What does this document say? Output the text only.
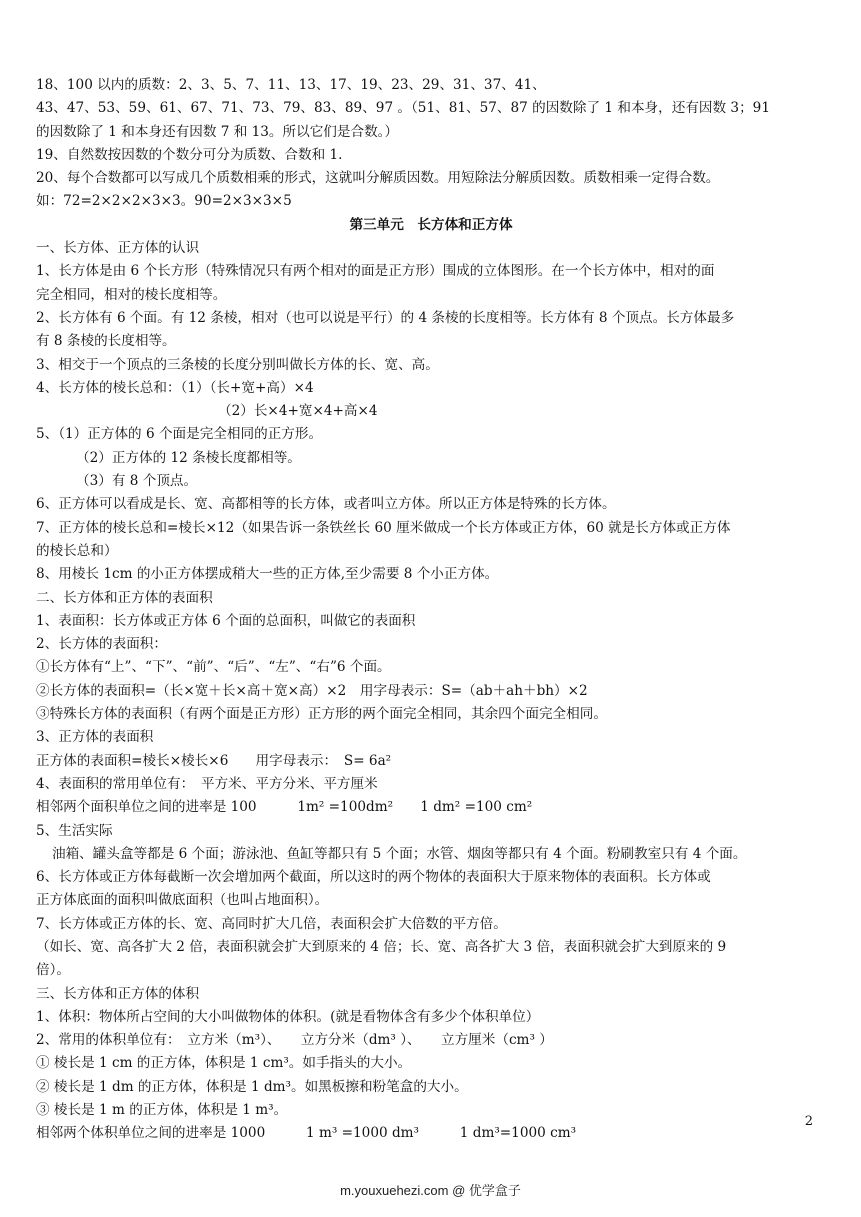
18、100 以内的质数：2、3、5、7、11、13、17、19、23、29、31、37、41、
43、47、53、59、61、67、71、73、79、83、89、97 。（51、81、57、87 的因数除了 1 和本身，还有因数 3；91
的因数除了 1 和本身还有因数 7 和 13。所以它们是合数。）
19、自然数按因数的个数分可分为质数、合数和 1.
20、每个合数都可以写成几个质数相乘的形式，这就叫分解质因数。用短除法分解质因数。质数相乘一定得合数。
如：72=2×2×2×3×3。90=2×3×3×5
第三单元　长方体和正方体
一、长方体、正方体的认识
1、长方体是由 6 个长方形（特殊情况只有两个相对的面是正方形）围成的立体图形。在一个长方体中，相对的面
完全相同，相对的棱长度相等。
2、长方体有 6 个面。有 12 条棱，相对（也可以说是平行）的 4 条棱的长度相等。长方体有 8 个顶点。长方体最多
有 8 条棱的长度相等。
3、相交于一个顶点的三条棱的长度分别叫做长方体的长、宽、高。
4、长方体的棱长总和：（1）（长+宽+高）×4
（2）长×4+宽×4+高×4
5、（1）正方体的 6 个面是完全相同的正方形。
（2）正方体的 12 条棱长度都相等。
（3）有 8 个顶点。
6、正方体可以看成是长、宽、高都相等的长方体，或者叫立方体。所以正方体是特殊的长方体。
7、正方体的棱长总和=棱长×12（如果告诉一条铁丝长 60 厘米做成一个长方体或正方体，60 就是长方体或正方体
的棱长总和）
8、用棱长 1cm 的小正方体摆成稍大一些的正方体,至少需要 8 个小正方体。
二、长方体和正方体的表面积
1、表面积：长方体或正方体 6 个面的总面积，叫做它的表面积
2、长方体的表面积：
①长方体有“上”、“下”、“前”、“后”、“左”、“右”6 个面。
②长方体的表面积=（长×宽＋长×高＋宽×高）×2　用字母表示：S=（ab＋ah＋bh）×2
③特殊长方体的表面积（有两个面是正方形）正方形的两个面完全相同，其余四个面完全相同。
3、正方体的表面积
正方体的表面积=棱长×棱长×6　　用字母表示：　S= 6a²
4、表面积的常用单位有：　平方米、平方分米、平方厘米
相邻两个面积单位之间的进率是 100　　　1m² =100dm²　　1 dm² =100 cm²
5、生活实际
油箱、罐头盒等都是 6 个面；游泳池、鱼缸等都只有 5 个面；水管、烟囱等都只有 4 个面。粉刷教室只有 4 个面。
6、长方体或正方体每截断一次会增加两个截面，所以这时的两个物体的表面积大于原来物体的表面积。长方体或
正方体底面的面积叫做底面积（也叫占地面积）。
7、长方体或正方体的长、宽、高同时扩大几倍，表面积会扩大倍数的平方倍。
（如长、宽、高各扩大 2 倍，表面积就会扩大到原来的 4 倍；长、宽、高各扩大 3 倍，表面积就会扩大到原来的 9
倍）。
三、长方体和正方体的体积
1、体积：物体所占空间的大小叫做物体的体积。(就是看物体含有多少个体积单位）
2、常用的体积单位有：　立方米（m³）、　　立方分米（dm³ ）、　　立方厘米（cm³ ）
① 棱长是 1 cm 的正方体，体积是 1 cm³。如手指头的大小。
② 棱长是 1 dm 的正方体，体积是 1 dm³。如黑板擦和粉笔盒的大小。
③ 棱长是 1 m 的正方体，体积是 1 m³。
相邻两个体积单位之间的进率是 1000　　　1 m³ =1000 dm³　　　1 dm³=1000 cm³
2
m.youxuehezi.com @ 优学盒子
